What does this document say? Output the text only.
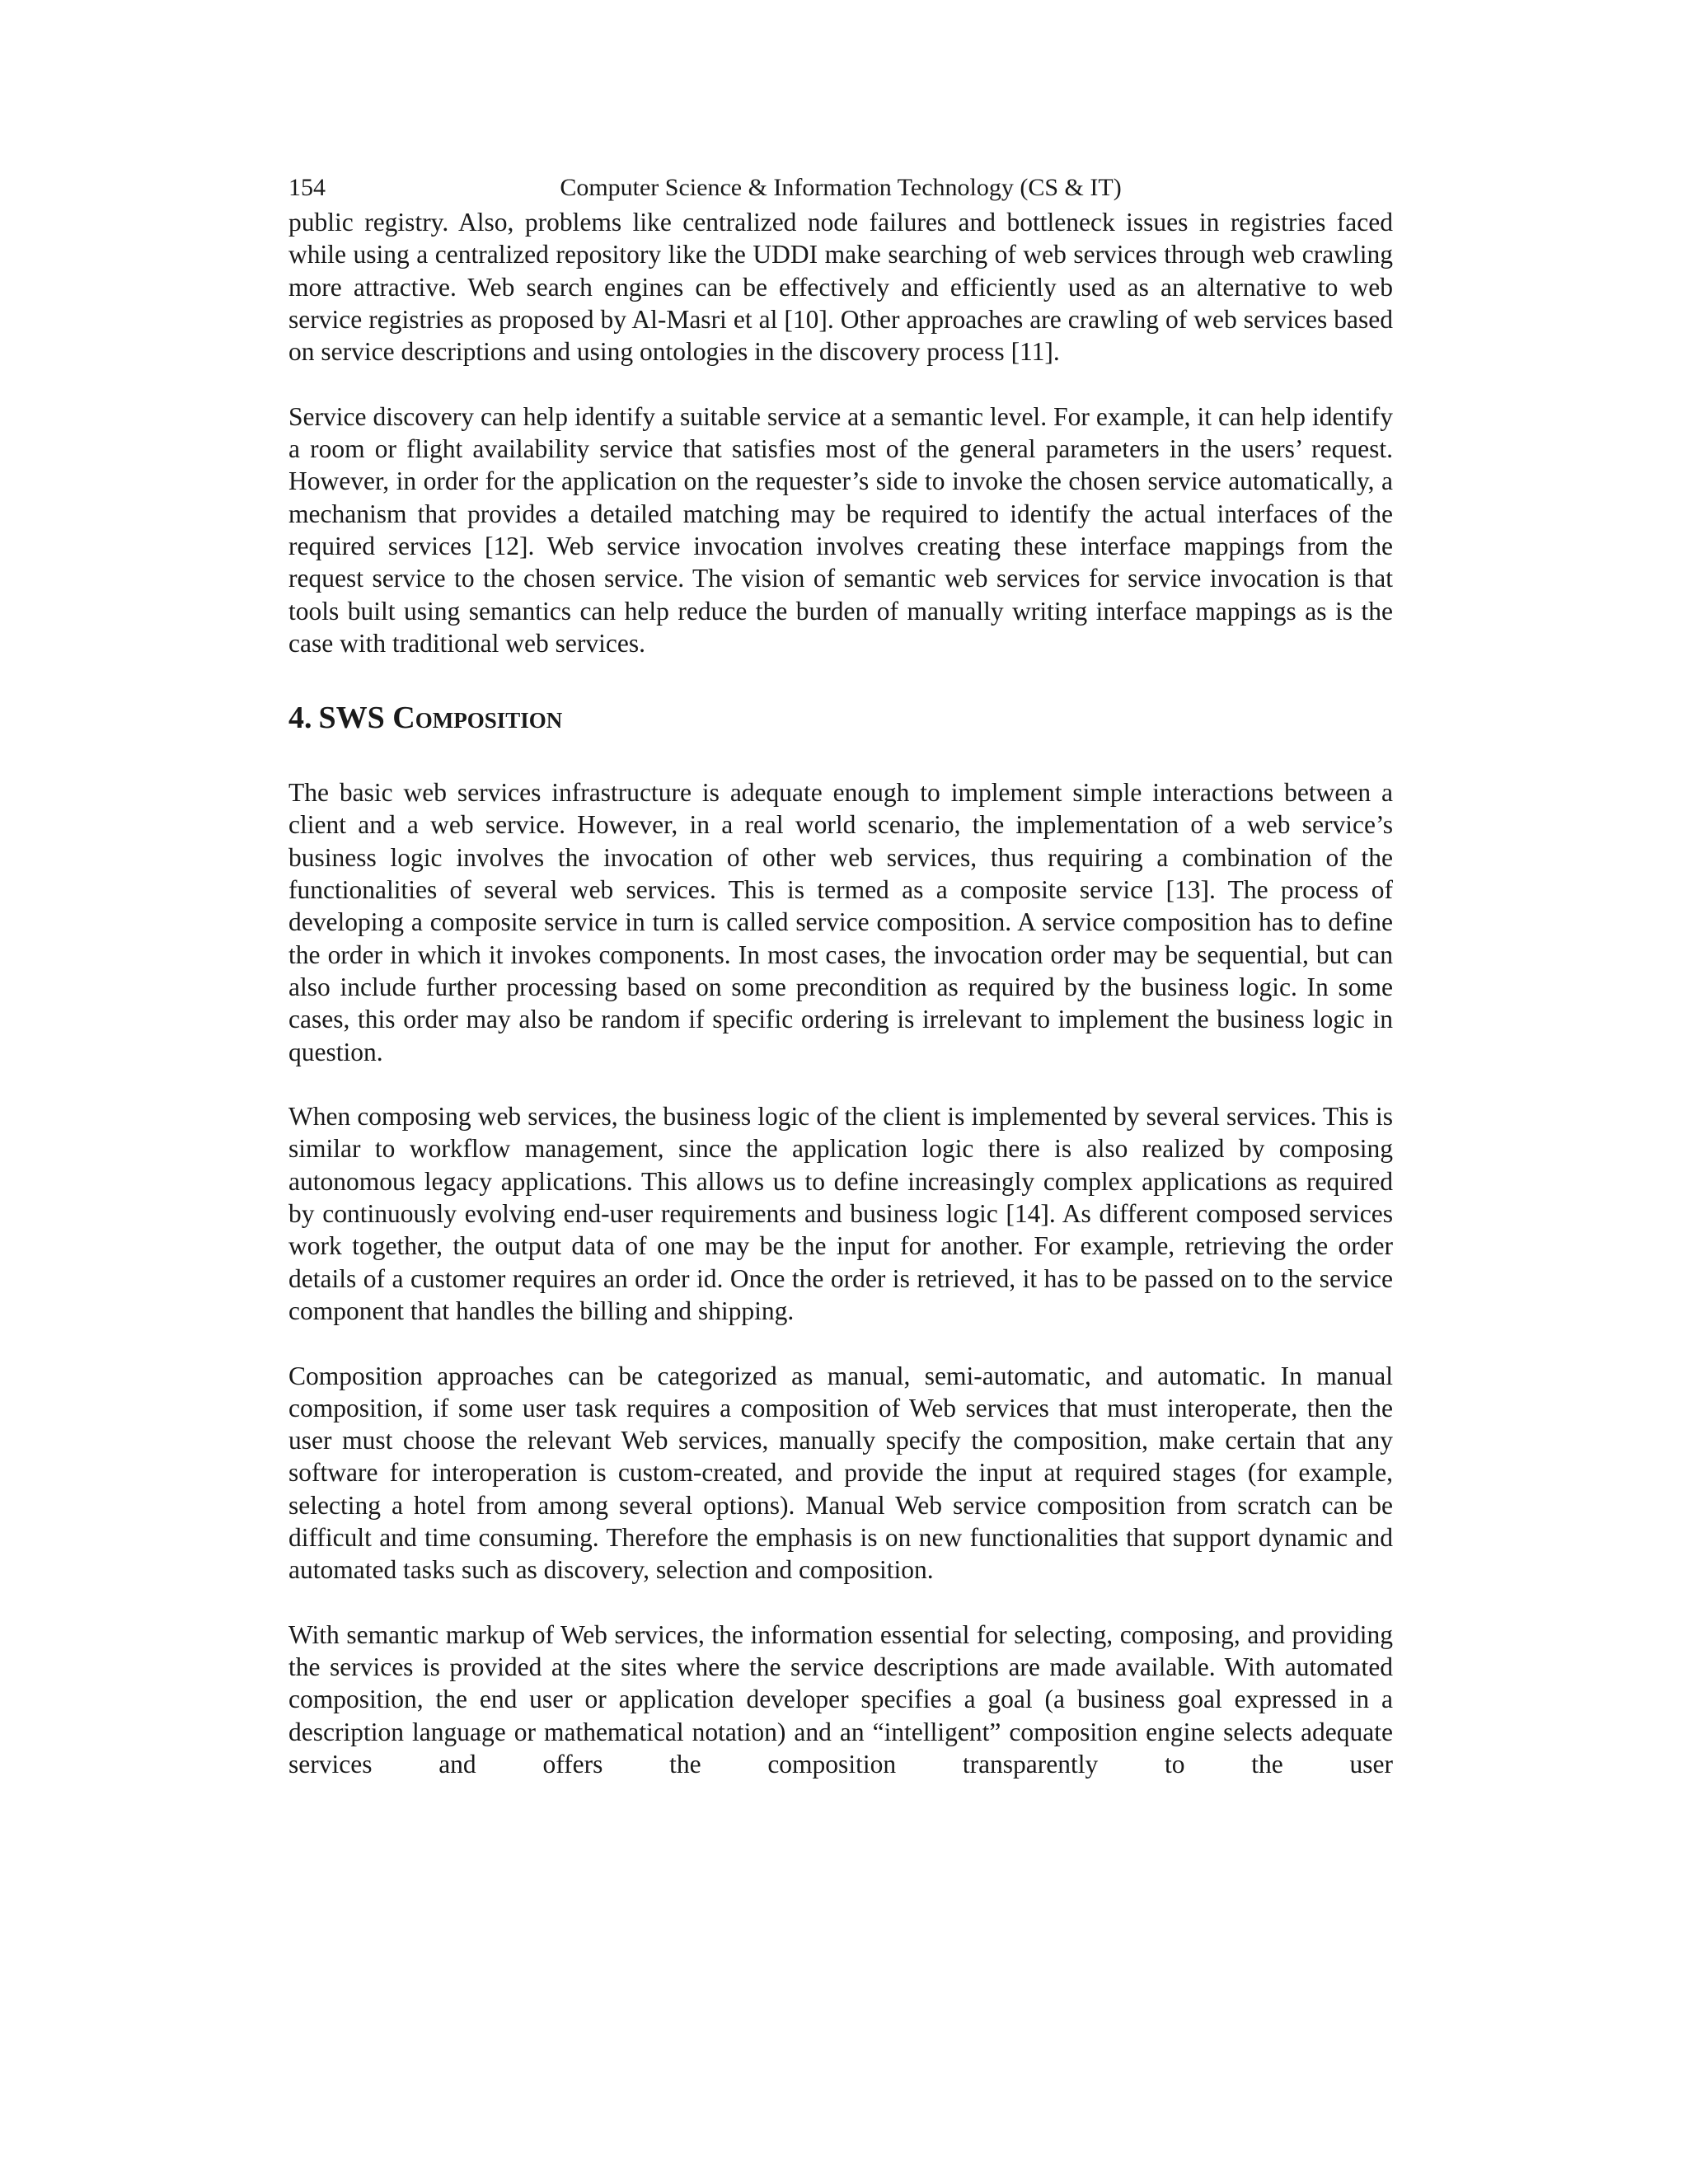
154	Computer Science & Information Technology (CS & IT)

public registry. Also, problems like centralized node failures and bottleneck issues in registries faced while using a centralized repository like the UDDI make searching of web services through web crawling more attractive. Web search engines can be effectively and efficiently used as an alternative to web service registries as proposed by Al-Masri et al [10]. Other approaches are crawling of web services based on service descriptions and using ontologies in the discovery process [11].

Service discovery can help identify a suitable service at a semantic level. For example, it can help identify a room or flight availability service that satisfies most of the general parameters in the users’ request. However, in order for the application on the requester’s side to invoke the chosen service automatically, a mechanism that provides a detailed matching may be required to identify the actual interfaces of the required services [12]. Web service invocation involves creating these interface mappings from the request service to the chosen service. The vision of semantic web services for service invocation is that tools built using semantics can help reduce the burden of manually writing interface mappings as is the case with traditional web services.

4. SWS Composition

The basic web services infrastructure is adequate enough to implement simple interactions between a client and a web service. However, in a real world scenario, the implementation of a web service’s business logic involves the invocation of other web services, thus requiring a combination of the functionalities of several web services. This is termed as a composite service [13]. The process of developing a composite service in turn is called service composition. A service composition has to define the order in which it invokes components. In most cases, the invocation order may be sequential, but can also include further processing based on some precondition as required by the business logic. In some cases, this order may also be random if specific ordering is irrelevant to implement the business logic in question.

When composing web services, the business logic of the client is implemented by several services. This is similar to workflow management, since the application logic there is also realized by composing autonomous legacy applications. This allows us to define increasingly complex applications as required by continuously evolving end-user requirements and business logic [14]. As different composed services work together, the output data of one may be the input for another. For example, retrieving the order details of a customer requires an order id. Once the order is retrieved, it has to be passed on to the service component that handles the billing and shipping.

Composition approaches can be categorized as manual, semi-automatic, and automatic. In manual composition, if some user task requires a composition of Web services that must interoperate, then the user must choose the relevant Web services, manually specify the composition, make certain that any software for interoperation is custom-created, and provide the input at required stages (for example, selecting a hotel from among several options). Manual Web service composition from scratch can be difficult and time consuming. Therefore the emphasis is on new functionalities that support dynamic and automated tasks such as discovery, selection and composition.

With semantic markup of Web services, the information essential for selecting, composing, and providing the services is provided at the sites where the service descriptions are made available. With automated composition, the end user or application developer specifies a goal (a business goal expressed in a description language or mathematical notation) and an “intelligent” composition engine selects adequate services and offers the composition transparently to the user
